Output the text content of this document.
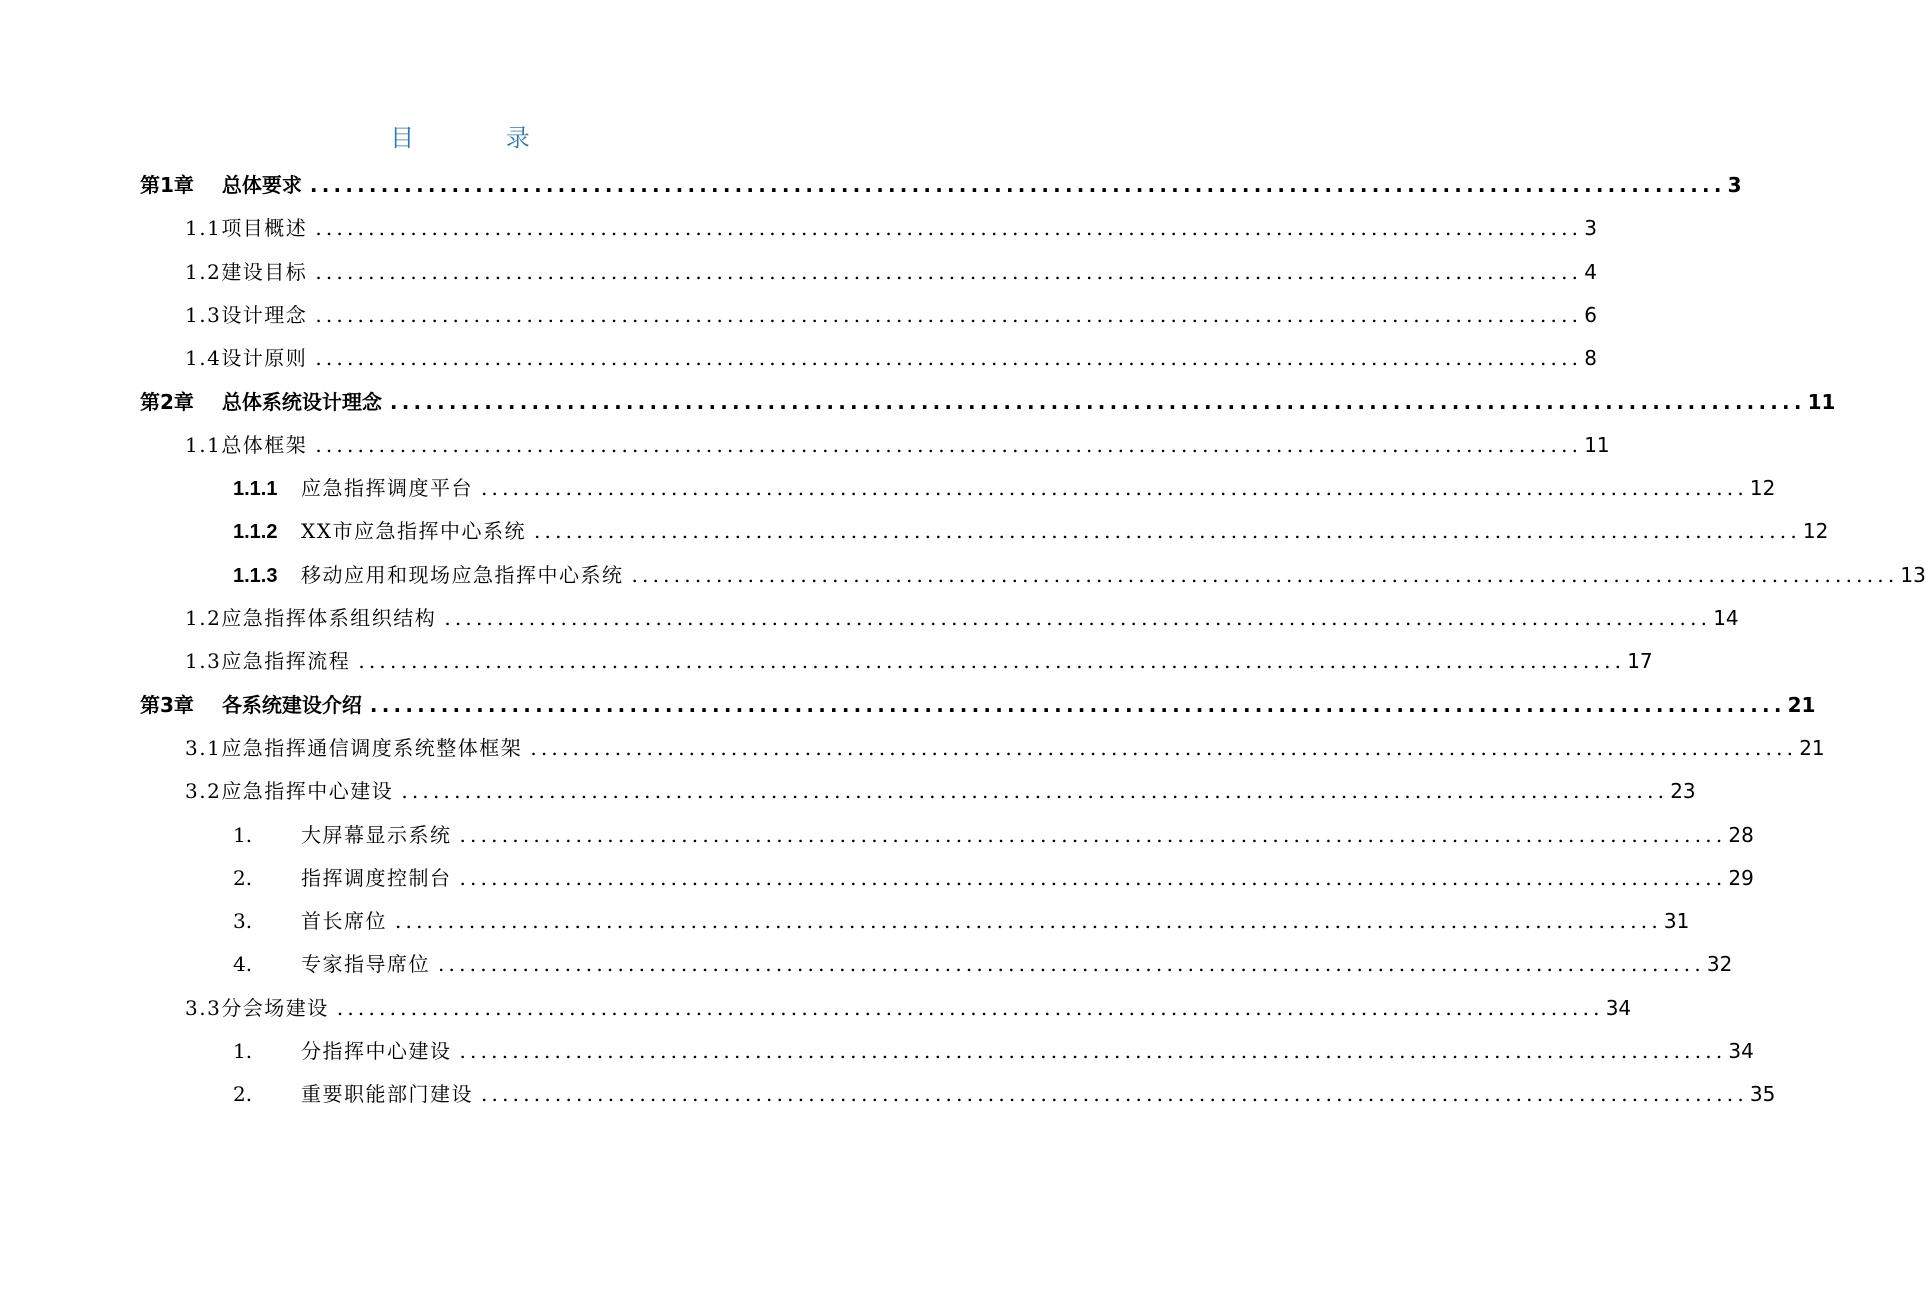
目 录
第1章 总体要求 ........................................................................................................................ 3
1.1项目概述 ........................................................................................................................ 3
1.2建设目标 ........................................................................................................................ 4
1.3设计理念 ........................................................................................................................ 6
1.4设计原则 ........................................................................................................................ 8
第2章 总体系统设计理念 ........................................................................................................................ 11
1.1总体框架 ........................................................................................................................ 11
1.1.1 应急指挥调度平台 ........................................................................................................................ 12
1.1.2 XX市应急指挥中心系统 ........................................................................................................................ 12
1.1.3 移动应用和现场应急指挥中心系统 ........................................................................................................................ 13
1.2应急指挥体系组织结构 ........................................................................................................................ 14
1.3应急指挥流程 ........................................................................................................................ 17
第3章 各系统建设介绍 ........................................................................................................................ 21
3.1应急指挥通信调度系统整体框架 ........................................................................................................................ 21
3.2应急指挥中心建设 ........................................................................................................................ 23
1. 大屏幕显示系统 ........................................................................................................................ 28
2. 指挥调度控制台 ........................................................................................................................ 29
3. 首长席位 ........................................................................................................................ 31
4. 专家指导席位 ........................................................................................................................ 32
3.3分会场建设 ........................................................................................................................ 34
1. 分指挥中心建设 ........................................................................................................................ 34
2. 重要职能部门建设 ........................................................................................................................ 35
